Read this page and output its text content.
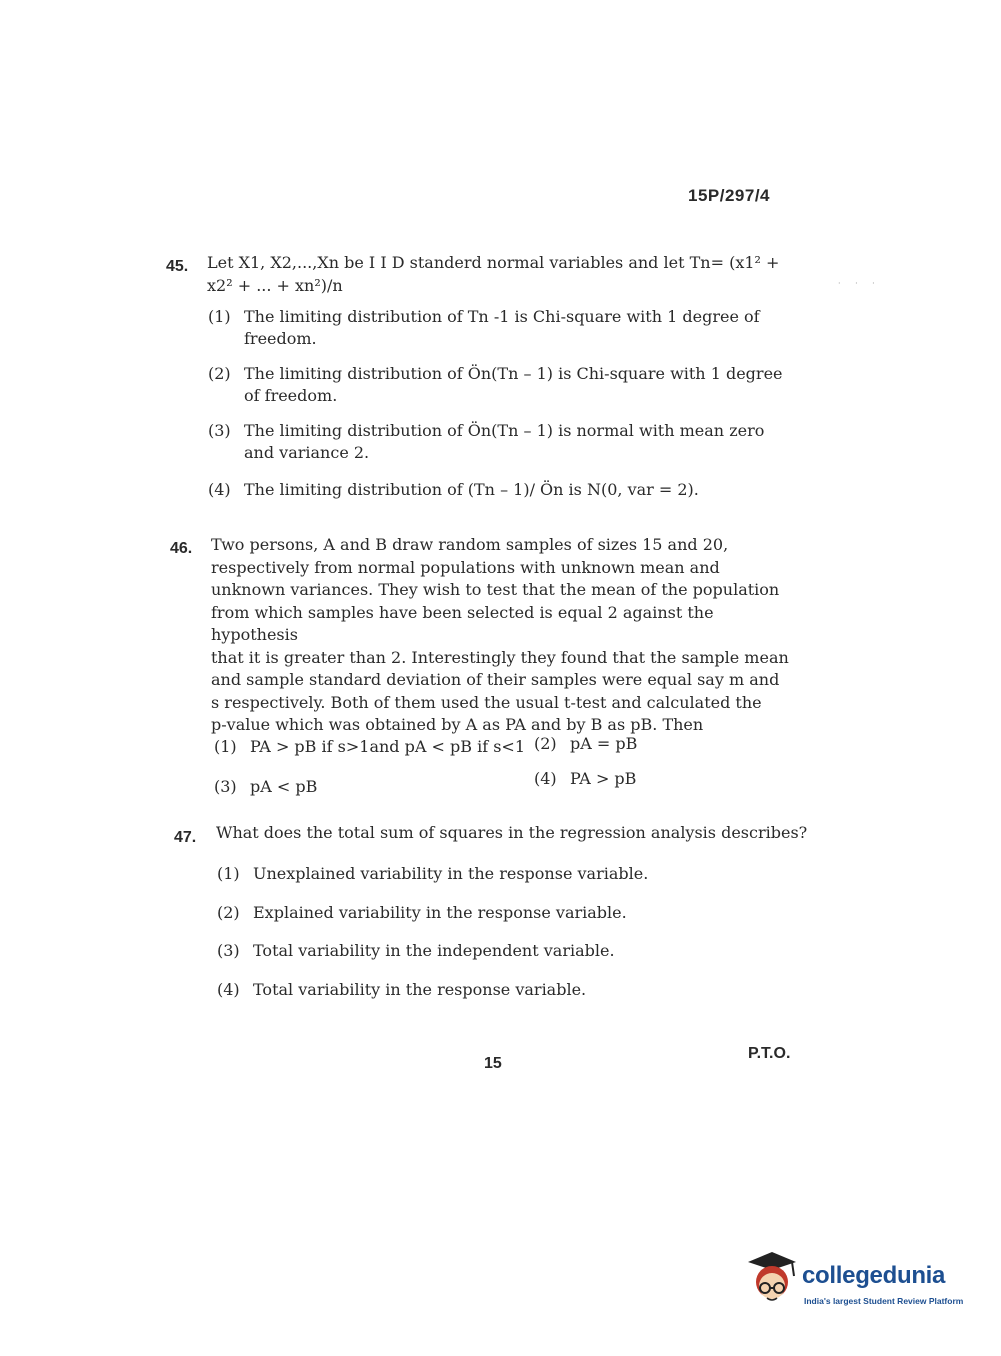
15P/297/4
· · ·
45. Let X1, X2,...,Xn be I I D standerd normal variables and let Tn= (x1² +
x2² + ... + xn²)/n
(1) The limiting distribution of Tn -1 is Chi-square with 1 degree of
freedom.
(2) The limiting distribution of Ön(Tn – 1) is Chi-square with 1 degree
of freedom.
(3) The limiting distribution of Ön(Tn – 1) is normal with mean zero
and variance 2.
(4) The limiting distribution of (Tn – 1)/ Ön is N(0, var = 2).
46. Two persons, A and B draw random samples of sizes 15 and 20,
respectively from normal populations with unknown mean and
unknown variances. They wish to test that the mean of the population
from which samples have been selected is equal 2 against the hypothesis
that it is greater than 2. Interestingly they found that the sample mean
and sample standard deviation of their samples were equal say m and
s respectively. Both of them used the usual t-test and calculated the
p-value which was obtained by A as PA and by B as pB. Then
(1) PA > pB if s>1and pA < pB if s<1 (2) pA = pB
(3) pA < pB	(4) PA > pB
47. What does the total sum of squares in the regression analysis describes?
(1) Unexplained variability in the response variable.
(2) Explained variability in the response variable.
(3) Total variability in the independent variable.
(4) Total variability in the response variable.
15
P.T.O.
collegedunia
India's largest Student Review Platform
